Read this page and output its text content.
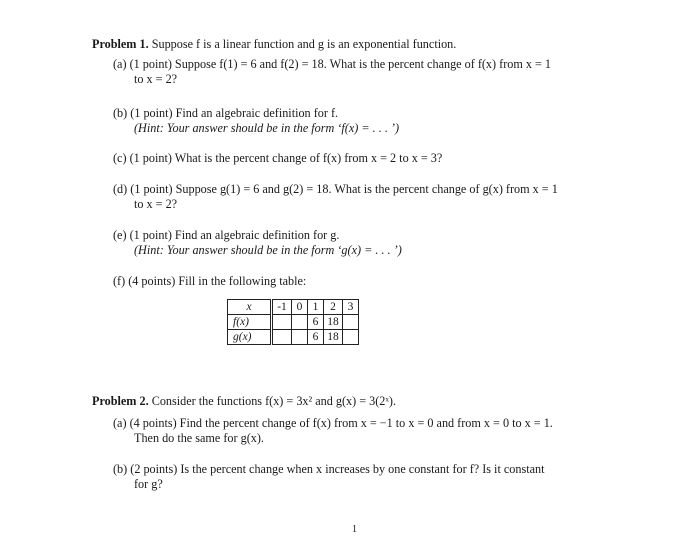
Problem 1. Suppose f is a linear function and g is an exponential function.
(a) (1 point) Suppose f(1) = 6 and f(2) = 18. What is the percent change of f(x) from x = 1
to x = 2?
(b) (1 point) Find an algebraic definition for f.
(Hint: Your answer should be in the form ‘f(x) = . . . ’)
(c) (1 point) What is the percent change of f(x) from x = 2 to x = 3?
(d) (1 point) Suppose g(1) = 6 and g(2) = 18. What is the percent change of g(x) from x = 1
to x = 2?
(e) (1 point) Find an algebraic definition for g.
(Hint: Your answer should be in the form ‘g(x) = . . . ’)
(f) (4 points) Fill in the following table:
x	-1	0	1	2	3
f(x)			6	18	
g(x)			6	18	
Problem 2. Consider the functions f(x) = 3x² and g(x) = 3(2ˣ).
(a) (4 points) Find the percent change of f(x) from x = −1 to x = 0 and from x = 0 to x = 1.
Then do the same for g(x).
(b) (2 points) Is the percent change when x increases by one constant for f? Is it constant
for g?
1
